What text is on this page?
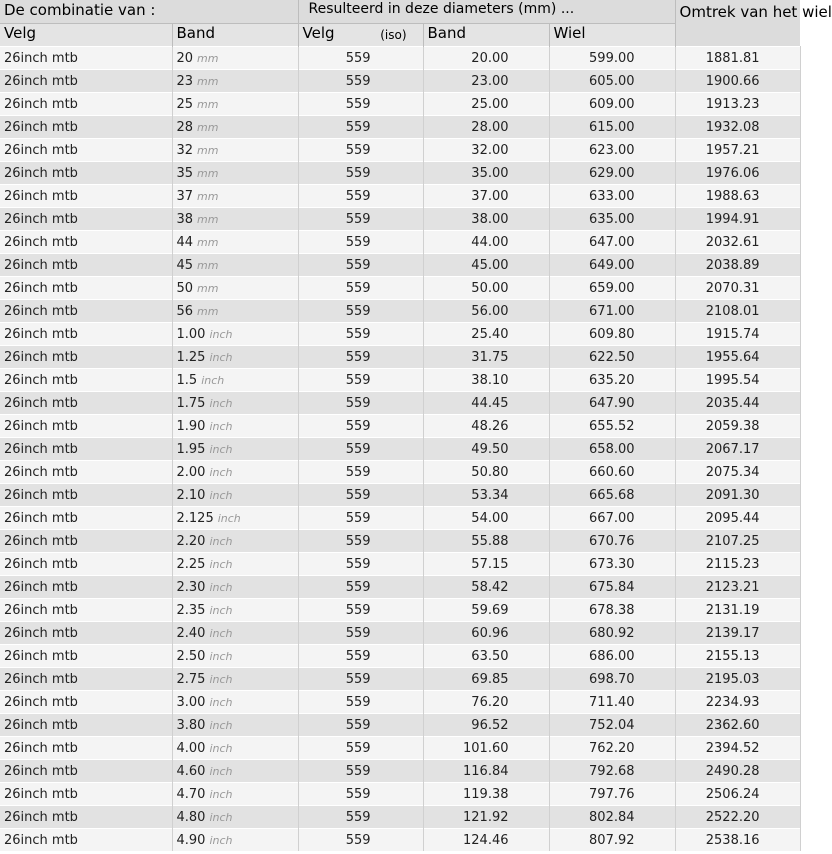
De combinatie van :		Resulteerd in deze diameters (mm) ...			Omtrek van het wiel
Velg	Band	Velg (iso)	Band	Wiel	
26inch mtb	20 mm	559	20.00	599.00	1881.81
26inch mtb	23 mm	559	23.00	605.00	1900.66
26inch mtb	25 mm	559	25.00	609.00	1913.23
26inch mtb	28 mm	559	28.00	615.00	1932.08
26inch mtb	32 mm	559	32.00	623.00	1957.21
26inch mtb	35 mm	559	35.00	629.00	1976.06
26inch mtb	37 mm	559	37.00	633.00	1988.63
26inch mtb	38 mm	559	38.00	635.00	1994.91
26inch mtb	44 mm	559	44.00	647.00	2032.61
26inch mtb	45 mm	559	45.00	649.00	2038.89
26inch mtb	50 mm	559	50.00	659.00	2070.31
26inch mtb	56 mm	559	56.00	671.00	2108.01
26inch mtb	1.00 inch	559	25.40	609.80	1915.74
26inch mtb	1.25 inch	559	31.75	622.50	1955.64
26inch mtb	1.5 inch	559	38.10	635.20	1995.54
26inch mtb	1.75 inch	559	44.45	647.90	2035.44
26inch mtb	1.90 inch	559	48.26	655.52	2059.38
26inch mtb	1.95 inch	559	49.50	658.00	2067.17
26inch mtb	2.00 inch	559	50.80	660.60	2075.34
26inch mtb	2.10 inch	559	53.34	665.68	2091.30
26inch mtb	2.125 inch	559	54.00	667.00	2095.44
26inch mtb	2.20 inch	559	55.88	670.76	2107.25
26inch mtb	2.25 inch	559	57.15	673.30	2115.23
26inch mtb	2.30 inch	559	58.42	675.84	2123.21
26inch mtb	2.35 inch	559	59.69	678.38	2131.19
26inch mtb	2.40 inch	559	60.96	680.92	2139.17
26inch mtb	2.50 inch	559	63.50	686.00	2155.13
26inch mtb	2.75 inch	559	69.85	698.70	2195.03
26inch mtb	3.00 inch	559	76.20	711.40	2234.93
26inch mtb	3.80 inch	559	96.52	752.04	2362.60
26inch mtb	4.00 inch	559	101.60	762.20	2394.52
26inch mtb	4.60 inch	559	116.84	792.68	2490.28
26inch mtb	4.70 inch	559	119.38	797.76	2506.24
26inch mtb	4.80 inch	559	121.92	802.84	2522.20
26inch mtb	4.90 inch	559	124.46	807.92	2538.16
